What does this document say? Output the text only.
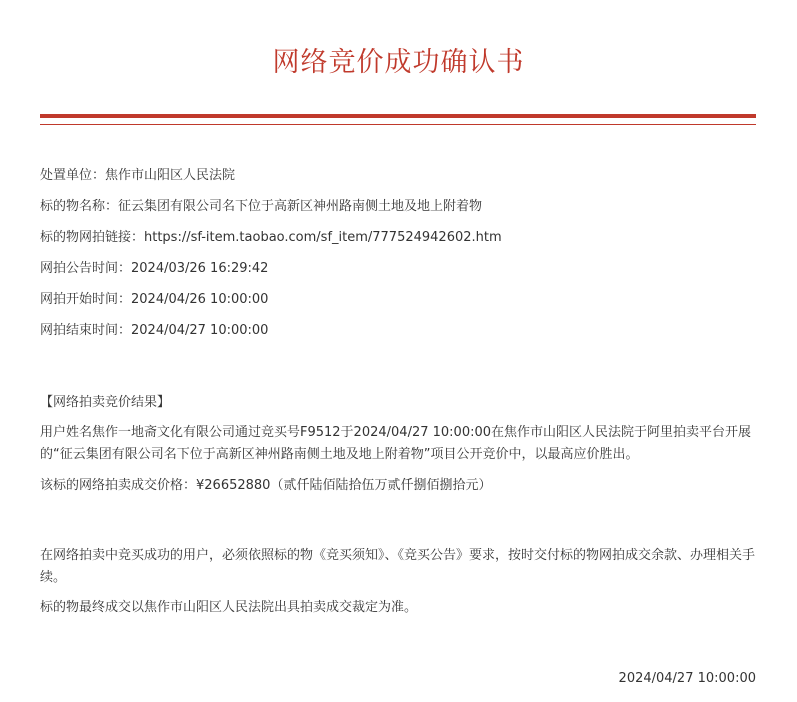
网络竞价成功确认书
处置单位：焦作市山阳区人民法院
标的物名称：征云集团有限公司名下位于高新区神州路南侧土地及地上附着物
标的物网拍链接：https://sf-item.taobao.com/sf_item/777524942602.htm
网拍公告时间：2024/03/26 16:29:42
网拍开始时间：2024/04/26 10:00:00
网拍结束时间：2024/04/27 10:00:00
【网络拍卖竞价结果】
用户姓名焦作一地斋文化有限公司通过竞买号F9512于2024/04/27 10:00:00在焦作市山阳区人民法院于阿里拍卖平台开展的“征云集团有限公司名下位于高新区神州路南侧土地及地上附着物”项目公开竞价中，以最高应价胜出。
该标的网络拍卖成交价格：¥26652880（贰仟陆佰陆拾伍万贰仟捌佰捌拾元）
在网络拍卖中竞买成功的用户，必须依照标的物《竞买须知》、《竞买公告》要求，按时交付标的物网拍成交余款、办理相关手续。
标的物最终成交以焦作市山阳区人民法院出具拍卖成交裁定为准。
2024/04/27 10:00:00
